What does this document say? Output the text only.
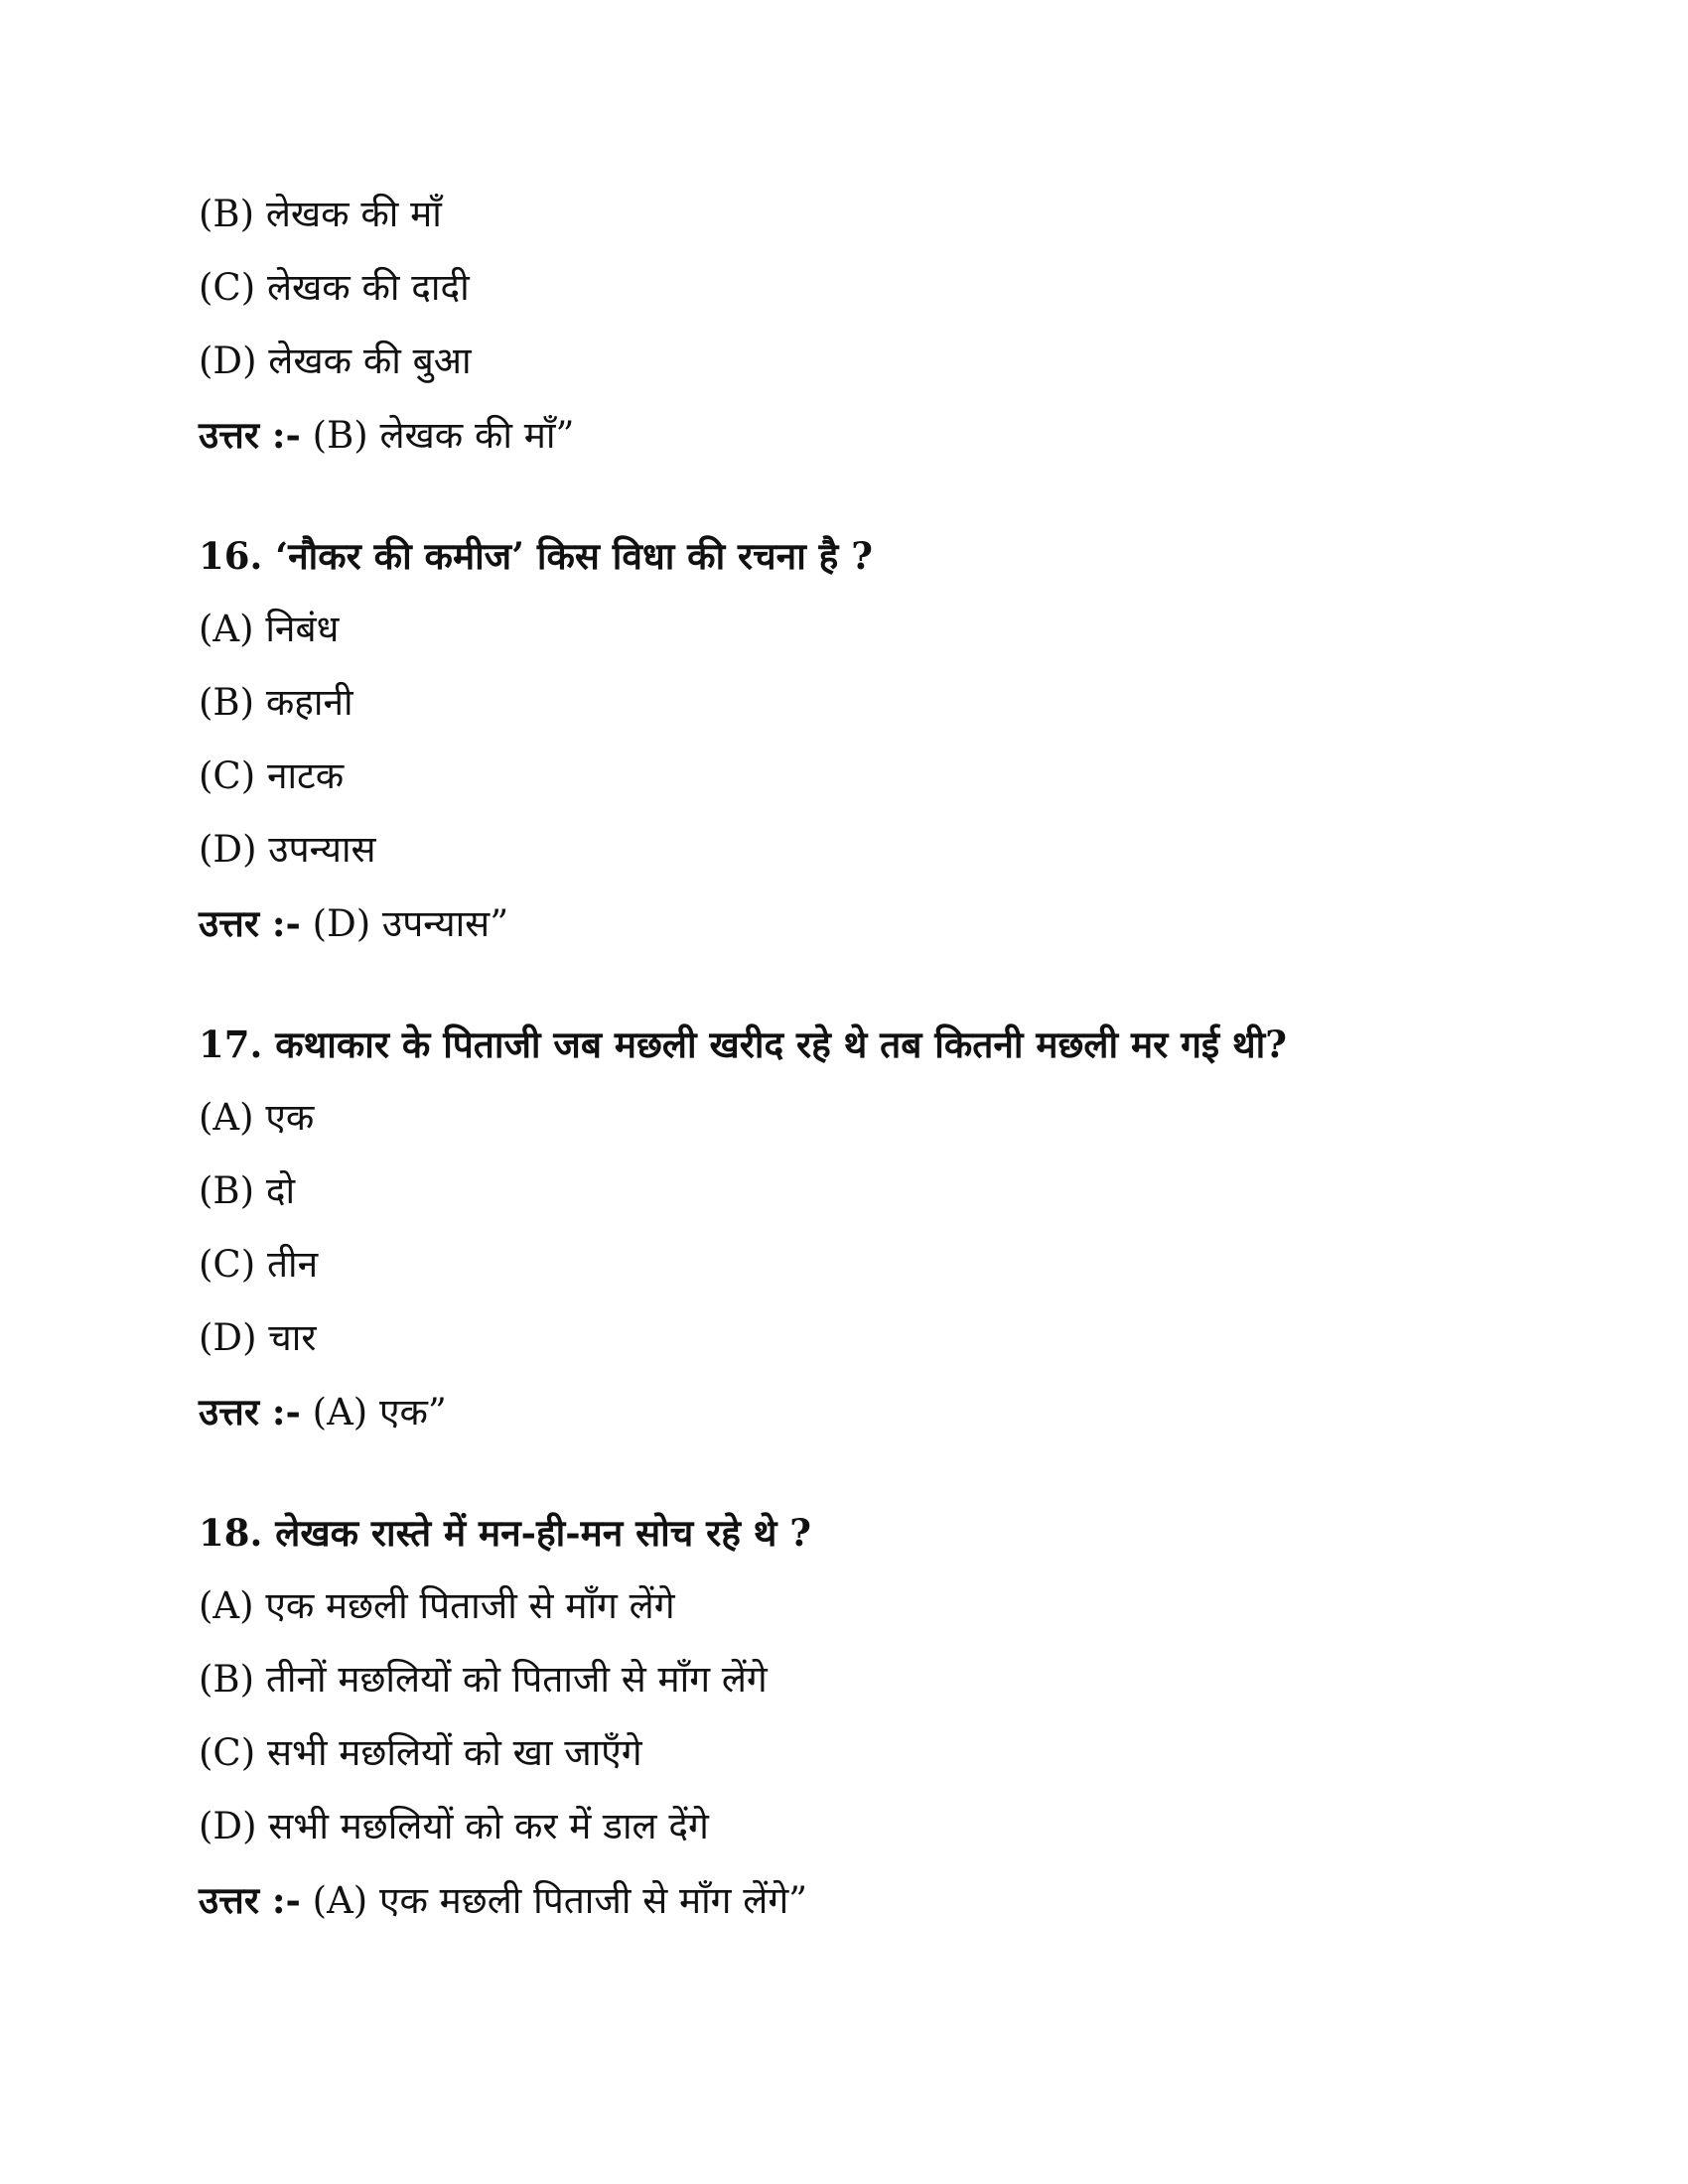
(B) लेखक की माँ
(C) लेखक की दादी
(D) लेखक की बुआ
उत्तर :- (B) लेखक की माँ”
16. ‘नौकर की कमीज’ किस विधा की रचना है ?
(A) निबंध
(B) कहानी
(C) नाटक
(D) उपन्यास
उत्तर :- (D) उपन्यास”
17. कथाकार के पिताजी जब मछली खरीद रहे थे तब कितनी मछली मर गई थी?
(A) एक
(B) दो
(C) तीन
(D) चार
उत्तर :- (A) एक”
18. लेखक रास्ते में मन-ही-मन सोच रहे थे ?
(A) एक मछली पिताजी से माँग लेंगे
(B) तीनों मछलियों को पिताजी से माँग लेंगे
(C) सभी मछलियों को खा जाएँगे
(D) सभी मछलियों को कर में डाल देंगे
उत्तर :- (A) एक मछली पिताजी से माँग लेंगे”
